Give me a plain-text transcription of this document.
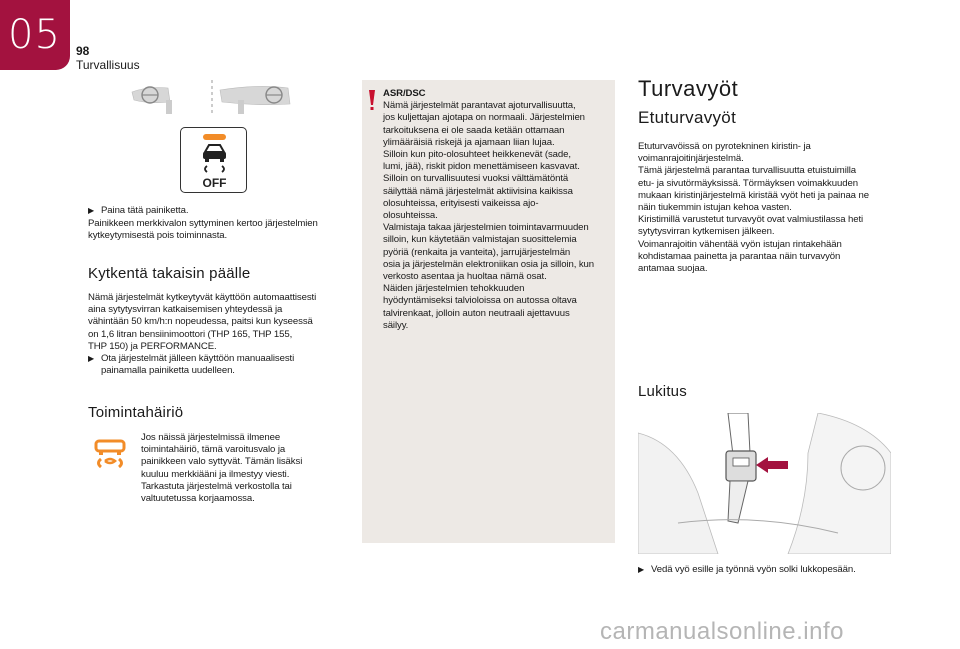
05 98
Turvallisuus
OFF
▶ Paina tätä painiketta.
Painikkeen merkkivalon syttyminen kertoo järjestelmien
kytkeytymisestä pois toiminnasta.
Kytkentä takaisin päälle
Nämä järjestelmät kytkeytyvät käyttöön automaattisesti
aina sytytysvirran katkaisemisen yhteydessä ja
vähintään 50 km/h:n nopeudessa, paitsi kun kyseessä
on 1,6 litran bensiinimoottori (THP 165, THP 155,
THP 150) ja PERFORMANCE.
▶ Ota järjestelmät jälleen käyttöön manuaalisesti
painamalla painiketta uudelleen.
Toimintahäiriö
Jos näissä järjestelmissä ilmenee
toimintahäiriö, tämä varoitusvalo ja
painikkeen valo syttyvät. Tämän lisäksi
kuuluu merkkiääni ja ilmestyy viesti.
Tarkastuta järjestelmä verkostolla tai
valtuutetussa korjaamossa.
ASR/DSC
Nämä järjestelmät parantavat ajoturvallisuutta,
jos kuljettajan ajotapa on normaali. Järjestelmien
tarkoituksena ei ole saada ketään ottamaan
ylimääräisiä riskejä ja ajamaan liian lujaa.
Silloin kun pito-olosuhteet heikkenevät (sade,
lumi, jää), riskit pidon menettämiseen kasvavat.
Silloin on turvallisuutesi vuoksi välttämätöntä
säilyttää nämä järjestelmät aktiivisina kaikissa
olosuhteissa, erityisesti vaikeissa ajo-
olosuhteissa.
Valmistaja takaa järjestelmien toimintavarmuuden
silloin, kun käytetään valmistajan suosittelemia
pyöriä (renkaita ja vanteita), jarrujärjestelmän
osia ja järjestelmän elektroniikan osia ja silloin, kun
verkosto asentaa ja huoltaa nämä osat.
Näiden järjestelmien tehokkuuden
hyödyntämiseksi talvioloissa on autossa oltava
talvirenkaat, jolloin auton neutraali ajettavuus
säilyy.
Turvavyöt
Etuturvavyöt
Etuturvavöissä on pyrotekninen kiristin- ja
voimanrajoitinjärjestelmä.
Tämä järjestelmä parantaa turvallisuutta etuistuimilla
etu- ja sivutörmäyksissä. Törmäyksen voimakkuuden
mukaan kiristinjärjestelmä kiristää vyöt heti ja painaa ne
näin tiukemmin istujan kehoa vasten.
Kiristimillä varustetut turvavyöt ovat valmiustilassa heti
sytytysvirran kytkemisen jälkeen.
Voimanrajoitin vähentää vyön istujan rintakehään
kohdistamaa painetta ja parantaa näin turvavyön
antamaa suojaa.
Lukitus
▶ Vedä vyö esille ja työnnä vyön solki lukkopesään.
carmanualsonline.info
